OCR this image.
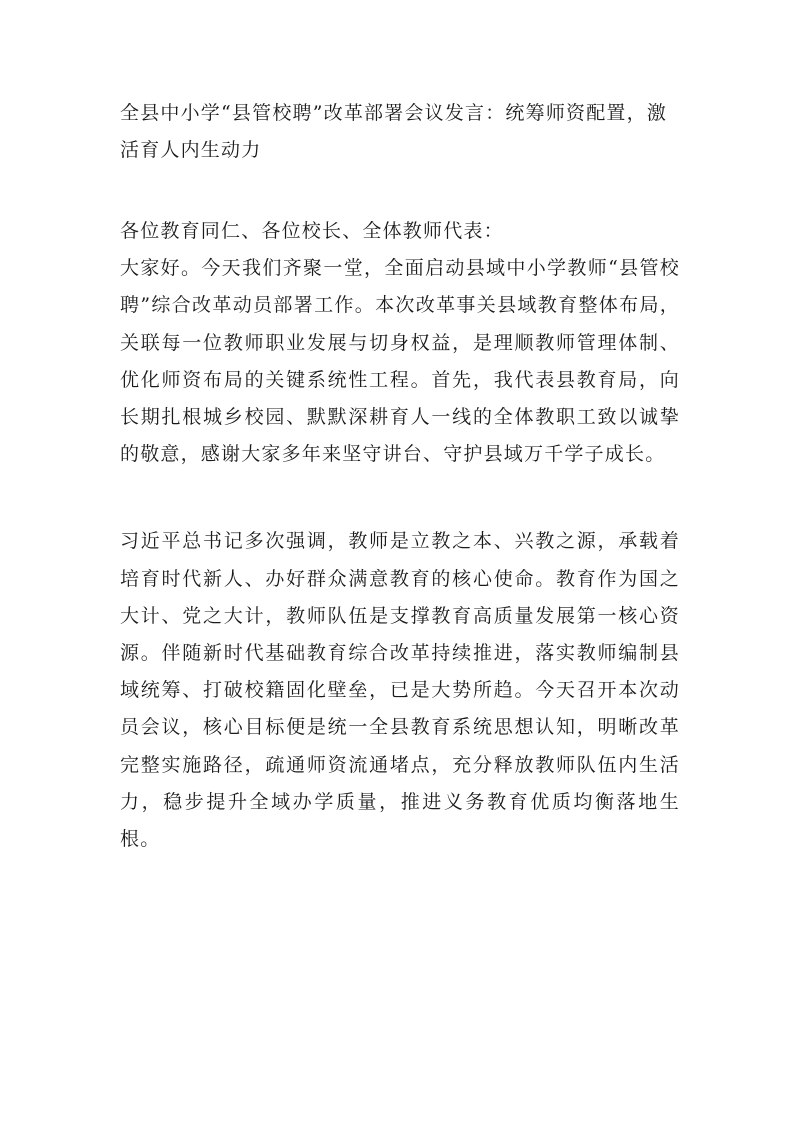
全县中小学“县管校聘”改革部署会议发言：统筹师资配置，激活育人内生动力

各位教育同仁、各位校长、全体教师代表：

大家好。今天我们齐聚一堂，全面启动县域中小学教师“县管校聘”综合改革动员部署工作。本次改革事关县域教育整体布局，关联每一位教师职业发展与切身权益，是理顺教师管理体制、优化师资布局的关键系统性工程。首先，我代表县教育局，向长期扎根城乡校园、默默深耕育人一线的全体教职工致以诚挚的敬意，感谢大家多年来坚守讲台、守护县域万千学子成长。

习近平总书记多次强调，教师是立教之本、兴教之源，承载着培育时代新人、办好群众满意教育的核心使命。教育作为国之大计、党之大计，教师队伍是支撑教育高质量发展第一核心资源。伴随新时代基础教育综合改革持续推进，落实教师编制县域统筹、打破校籍固化壁垒，已是大势所趋。今天召开本次动员会议，核心目标便是统一全县教育系统思想认知，明晰改革完整实施路径，疏通师资流通堵点，充分释放教师队伍内生活力，稳步提升全域办学质量，推进义务教育优质均衡落地生根。
